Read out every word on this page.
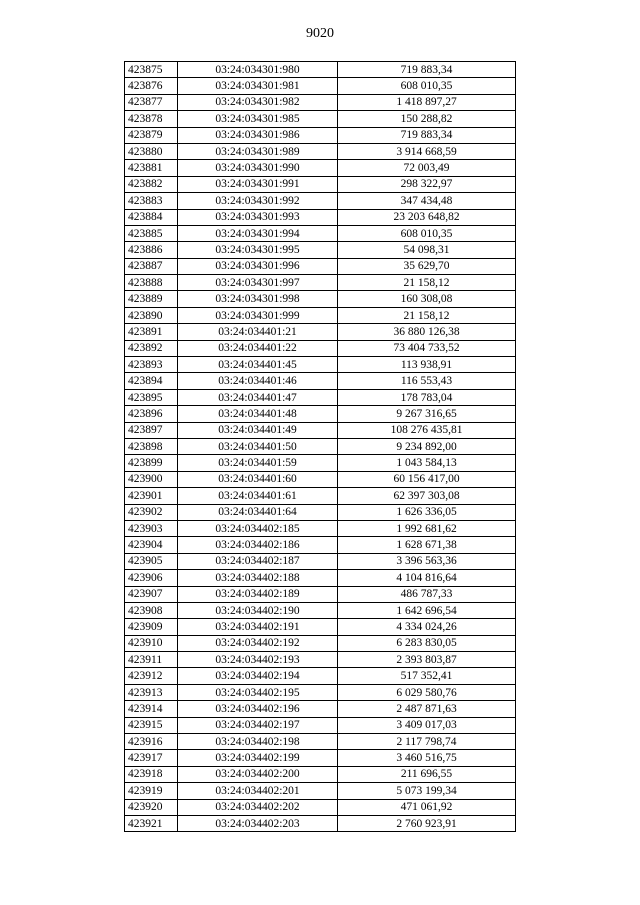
9020
423875	03:24:034301:980	719 883,34
423876	03:24:034301:981	608 010,35
423877	03:24:034301:982	1 418 897,27
423878	03:24:034301:985	150 288,82
423879	03:24:034301:986	719 883,34
423880	03:24:034301:989	3 914 668,59
423881	03:24:034301:990	72 003,49
423882	03:24:034301:991	298 322,97
423883	03:24:034301:992	347 434,48
423884	03:24:034301:993	23 203 648,82
423885	03:24:034301:994	608 010,35
423886	03:24:034301:995	54 098,31
423887	03:24:034301:996	35 629,70
423888	03:24:034301:997	21 158,12
423889	03:24:034301:998	160 308,08
423890	03:24:034301:999	21 158,12
423891	03:24:034401:21	36 880 126,38
423892	03:24:034401:22	73 404 733,52
423893	03:24:034401:45	113 938,91
423894	03:24:034401:46	116 553,43
423895	03:24:034401:47	178 783,04
423896	03:24:034401:48	9 267 316,65
423897	03:24:034401:49	108 276 435,81
423898	03:24:034401:50	9 234 892,00
423899	03:24:034401:59	1 043 584,13
423900	03:24:034401:60	60 156 417,00
423901	03:24:034401:61	62 397 303,08
423902	03:24:034401:64	1 626 336,05
423903	03:24:034402:185	1 992 681,62
423904	03:24:034402:186	1 628 671,38
423905	03:24:034402:187	3 396 563,36
423906	03:24:034402:188	4 104 816,64
423907	03:24:034402:189	486 787,33
423908	03:24:034402:190	1 642 696,54
423909	03:24:034402:191	4 334 024,26
423910	03:24:034402:192	6 283 830,05
423911	03:24:034402:193	2 393 803,87
423912	03:24:034402:194	517 352,41
423913	03:24:034402:195	6 029 580,76
423914	03:24:034402:196	2 487 871,63
423915	03:24:034402:197	3 409 017,03
423916	03:24:034402:198	2 117 798,74
423917	03:24:034402:199	3 460 516,75
423918	03:24:034402:200	211 696,55
423919	03:24:034402:201	5 073 199,34
423920	03:24:034402:202	471 061,92
423921	03:24:034402:203	2 760 923,91
